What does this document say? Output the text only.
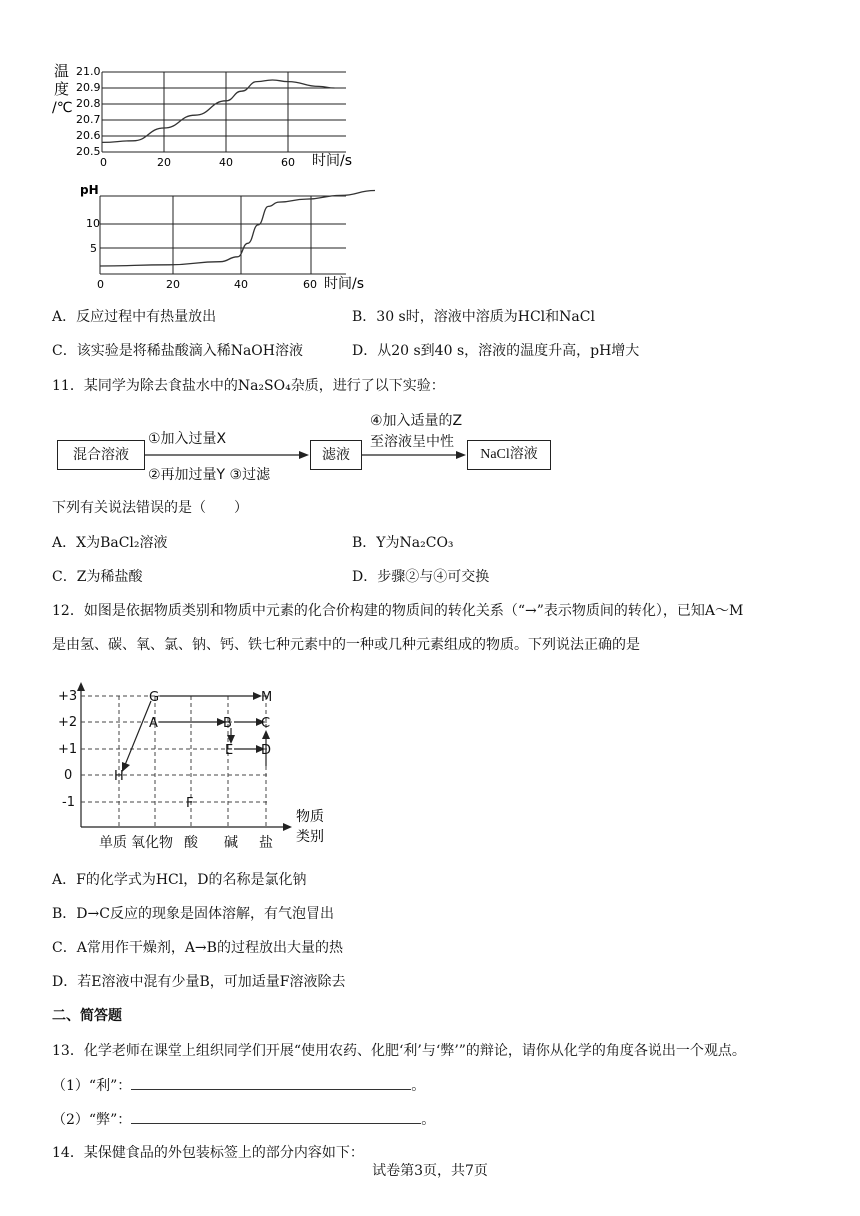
温
度
/℃
21.0
20.9
20.8
20.7
20.6
20.5
0	20	40	60 时间/s
pH
10
5
0	20	40	60 时间/s
A．反应过程中有热量放出	B．30 s时，溶液中溶质为HCl和NaCl
C．该实验是将稀盐酸滴入稀NaOH溶液	D．从20 s到40 s，溶液的温度升高，pH增大
11．某同学为除去食盐水中的Na₂SO₄杂质，进行了以下实验：
混合溶液	滤液	NaCl溶液
①加入过量X
②再加过量Y ③过滤
④加入适量的Z
至溶液呈中性
下列有关说法错误的是（　　）
A．X为BaCl₂溶液	B．Y为Na₂CO₃
C．Z为稀盐酸	D．步骤②与④可交换
12．如图是依据物质类别和物质中元素的化合价构建的物质间的转化关系（“→”表示物质间的转化），已知A～M
是由氢、碳、氧、氯、钠、钙、铁七种元素中的一种或几种元素组成的物质。下列说法正确的是
+3
+2
+1
0
-1
G	M
A	B C
E D
H
F
单质 氧化物 酸 碱 盐
物质
类别
A．F的化学式为HCl，D的名称是氯化钠
B．D→C反应的现象是固体溶解，有气泡冒出
C．A常用作干燥剂，A→B的过程放出大量的热
D．若E溶液中混有少量B，可加适量F溶液除去
二、简答题
13．化学老师在课堂上组织同学们开展“使用农药、化肥‘利’与‘弊’”的辩论，请你从化学的角度各说出一个观点。
（1）“利”：	。
（2）“弊”：	。
14．某保健食品的外包装标签上的部分内容如下：
试卷第3页，共7页
